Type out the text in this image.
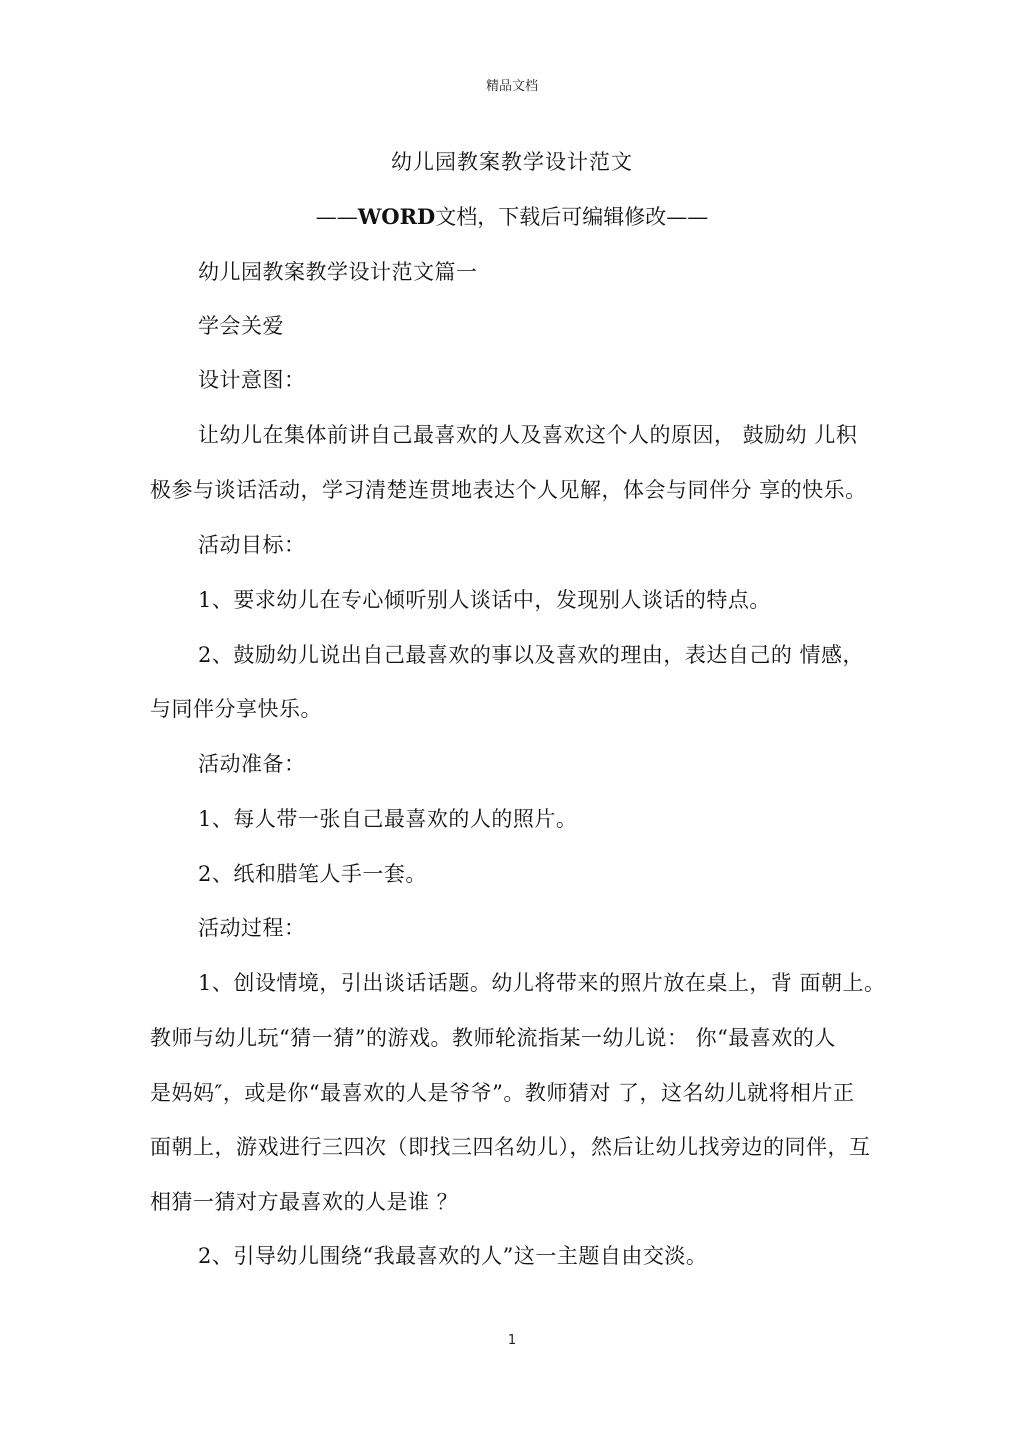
精品文档
幼儿园教案教学设计范文
——WORD文档，下载后可编辑修改——
幼儿园教案教学设计范文篇一
学会关爱
设计意图：
让幼儿在集体前讲自己最喜欢的人及喜欢这个人的原因， 鼓励幼 儿积
极参与谈话活动，学习清楚连贯地表达个人见解，体会与同伴分 享的快乐。
活动目标：
1、要求幼儿在专心倾听别人谈话中，发现别人谈话的特点。
2、鼓励幼儿说出自己最喜欢的事以及喜欢的理由，表达自己的 情感，
与同伴分享快乐。
活动准备：
1、每人带一张自己最喜欢的人的照片。
2、纸和腊笔人手一套。
活动过程：
1、创设情境，引出谈话话题。幼儿将带来的照片放在桌上，背 面朝上。
教师与幼儿玩“猜一猜”的游戏。教师轮流指某一幼儿说： 你“最喜欢的人
是妈妈″，或是你“最喜欢的人是爷爷”。教师猜对 了，这名幼儿就将相片正
面朝上，游戏进行三四次（即找三四名幼儿），然后让幼儿找旁边的同伴，互
相猜一猜对方最喜欢的人是谁 ？
2、引导幼儿围绕“我最喜欢的人”这一主题自由交淡。
1
